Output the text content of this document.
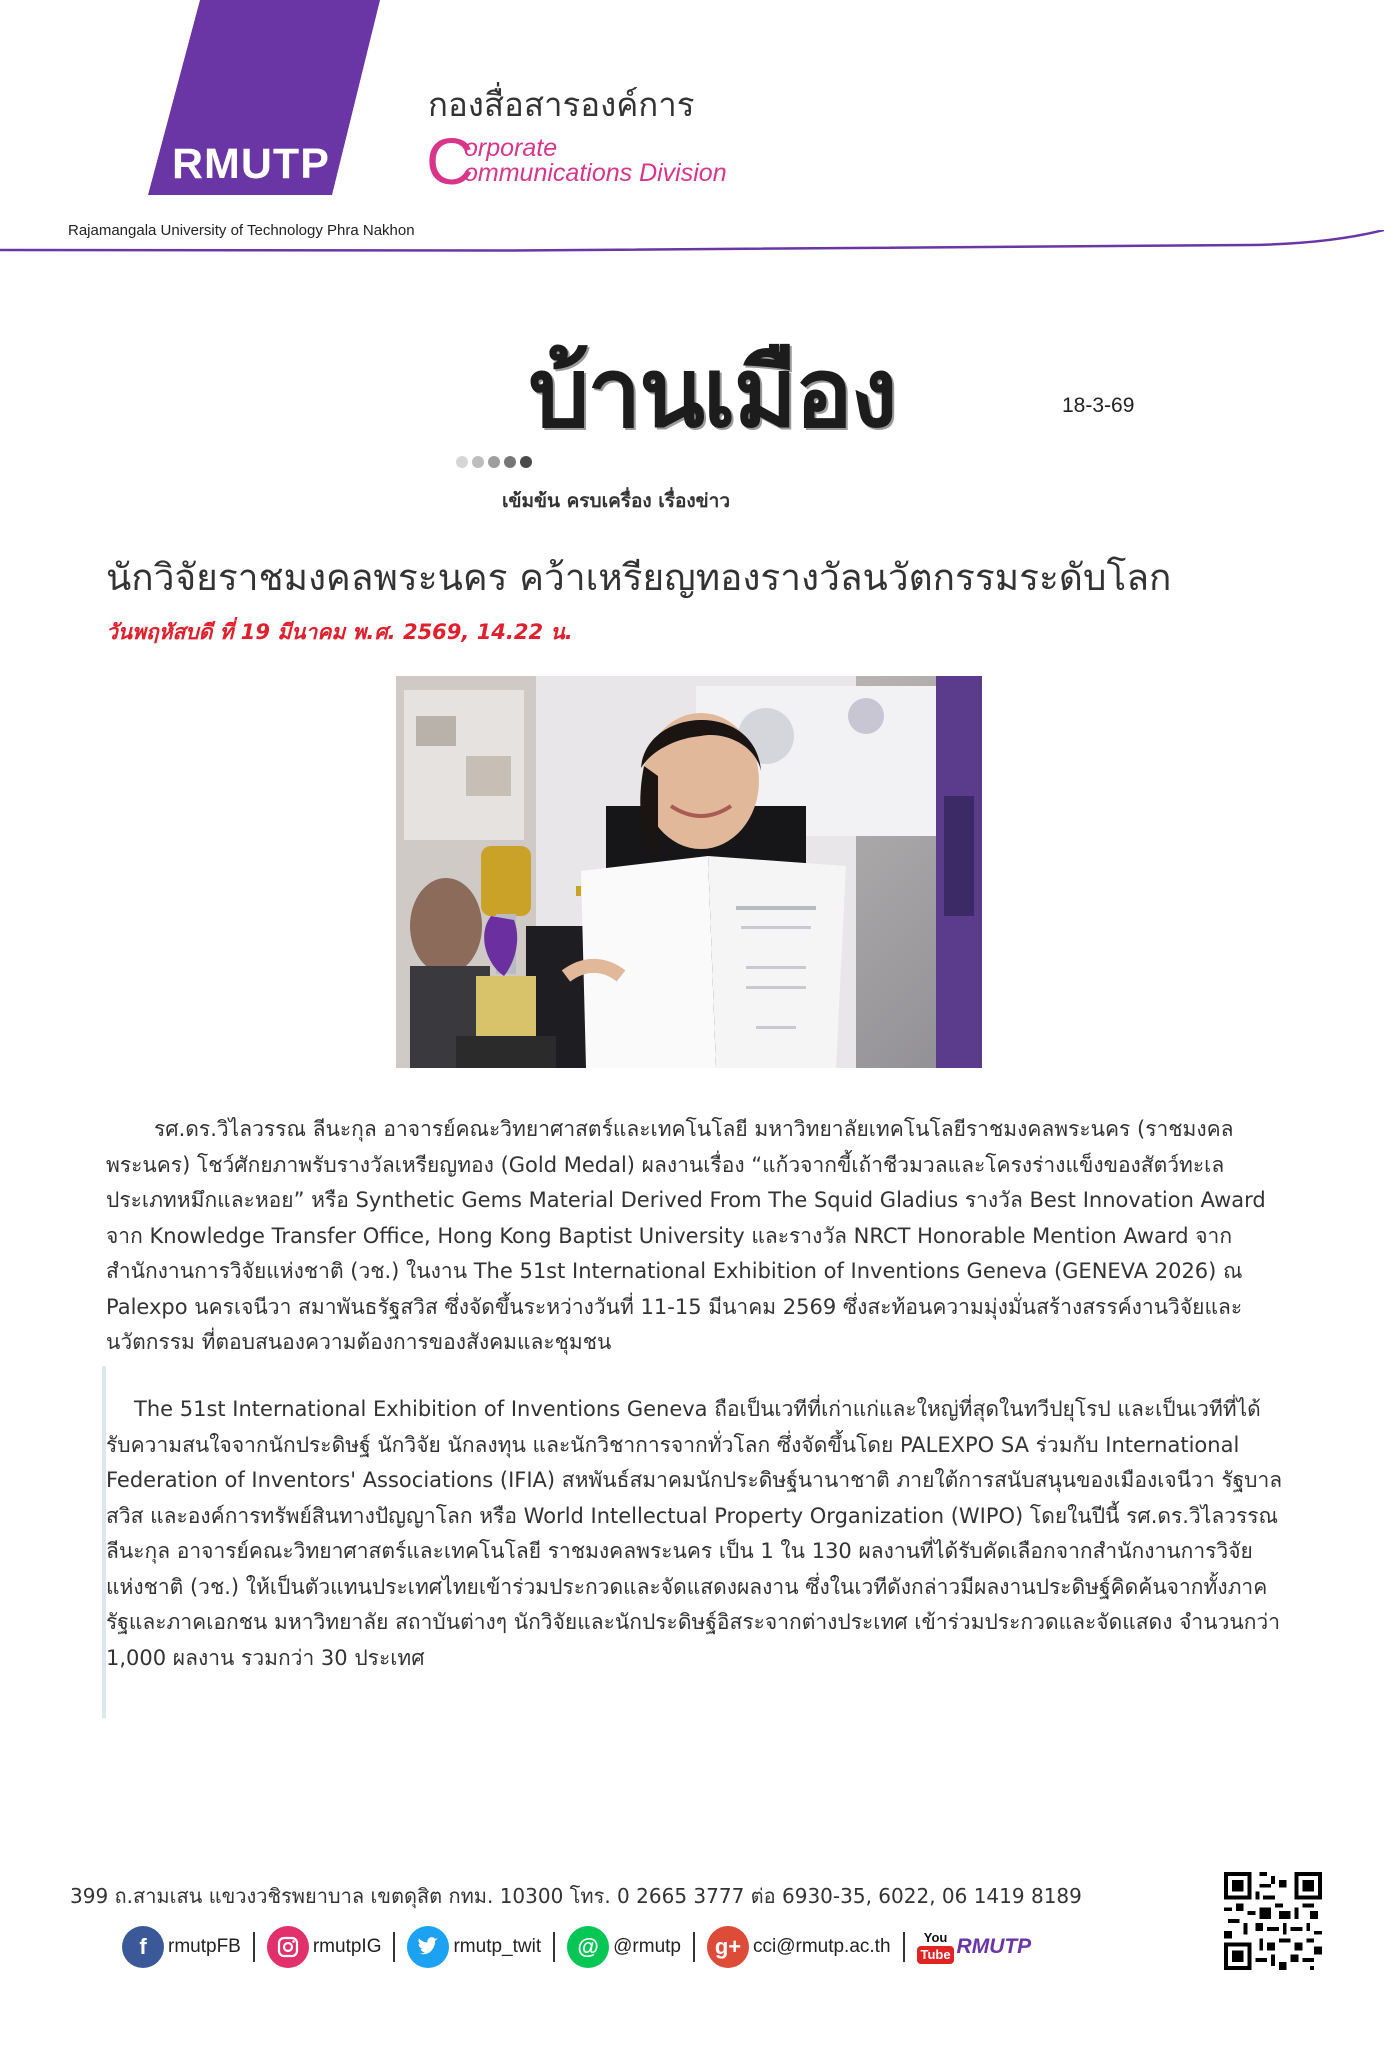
RMUTP
กองสื่อสารองค์การ
C
orporate
ommunications Division
Rajamangala University of Technology Phra Nakhon
บ้านเมือง
เข้มข้น ครบเครื่อง เรื่องข่าว
18-3-69
นักวิจัยราชมงคลพระนคร คว้าเหรียญทองรางวัลนวัตกรรมระดับโลก
วันพฤหัสบดี ที่ 19 มีนาคม พ.ศ. 2569, 14.22 น.
รศ.ดร.วิไลวรรณ ลีนะกุล อาจารย์คณะวิทยาศาสตร์และเทคโนโลยี มหาวิทยาลัยเทคโนโลยีราชมงคลพระนคร (ราชมงคลพระนคร) โชว์ศักยภาพรับรางวัลเหรียญทอง (Gold Medal) ผลงานเรื่อง “แก้วจากขี้เถ้าชีวมวลและโครงร่างแข็งของสัตว์ทะเลประเภทหมึกและหอย” หรือ Synthetic Gems Material Derived From The Squid Gladius รางวัล Best Innovation Award จาก Knowledge Transfer Office, Hong Kong Baptist University และรางวัล NRCT Honorable Mention Award จากสำนักงานการวิจัยแห่งชาติ (วช.) ในงาน The 51st International Exhibition of Inventions Geneva (GENEVA 2026) ณ Palexpo นครเจนีวา สมาพันธรัฐสวิส ซึ่งจัดขึ้นระหว่างวันที่ 11-15 มีนาคม 2569 ซึ่งสะท้อนความมุ่งมั่นสร้างสรรค์งานวิจัยและนวัตกรรม ที่ตอบสนองความต้องการของสังคมและชุมชน
The 51st International Exhibition of Inventions Geneva ถือเป็นเวทีที่เก่าแก่และใหญ่ที่สุดในทวีปยุโรป และเป็นเวทีที่ได้รับความสนใจจากนักประดิษฐ์ นักวิจัย นักลงทุน และนักวิชาการจากทั่วโลก ซึ่งจัดขึ้นโดย PALEXPO SA ร่วมกับ International Federation of Inventors' Associations (IFIA) สหพันธ์สมาคมนักประดิษฐ์นานาชาติ ภายใต้การสนับสนุนของเมืองเจนีวา รัฐบาลสวิส และองค์การทรัพย์สินทางปัญญาโลก หรือ World Intellectual Property Organization (WIPO) โดยในปีนี้ รศ.ดร.วิไลวรรณ ลีนะกุล อาจารย์คณะวิทยาศาสตร์และเทคโนโลยี ราชมงคลพระนคร เป็น 1 ใน 130 ผลงานที่ได้รับคัดเลือกจากสำนักงานการวิจัยแห่งชาติ (วช.) ให้เป็นตัวแทนประเทศไทยเข้าร่วมประกวดและจัดแสดงผลงาน ซึ่งในเวทีดังกล่าวมีผลงานประดิษฐ์คิดค้นจากทั้งภาครัฐและภาคเอกชน มหาวิทยาลัย สถาบันต่างๆ นักวิจัยและนักประดิษฐ์อิสระจากต่างประเทศ เข้าร่วมประกวดและจัดแสดง จำนวนกว่า 1,000 ผลงาน รวมกว่า 30 ประเทศ
399 ถ.สามเสน แขวงวชิรพยาบาล เขตดุสิต กทม. 10300 โทร. 0 2665 3777 ต่อ 6930-35, 6022, 06 1419 8189
f	rmutpFB	rmutpIG	rmutp_twit	@ @rmutp	g+ cci@rmutp.ac.th	You
Tube RMUTP
